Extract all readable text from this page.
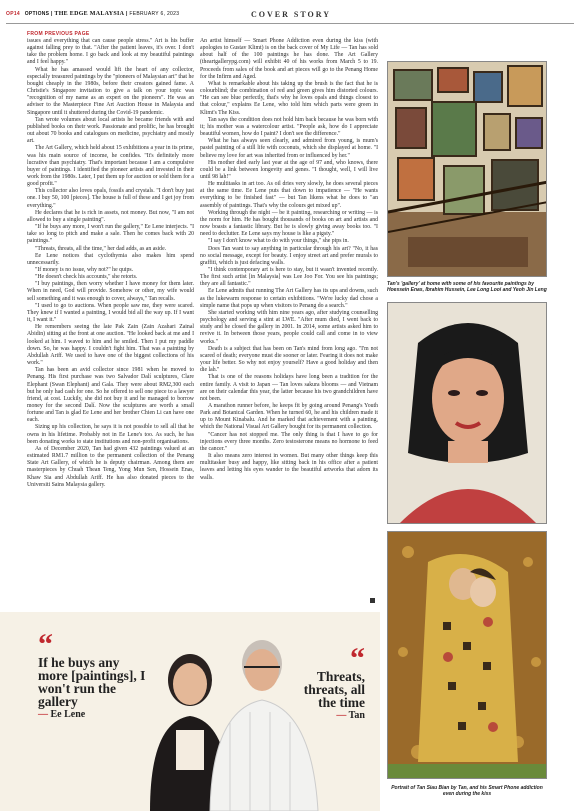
OP14 OPTIONS | THE EDGE MALAYSIA | FEBRUARY 6, 2023	COVER STORY
FROM PREVIOUS PAGE

issues and everything that can cause people stress." Art is his buffer against falling prey to that. "After the patient leaves, it's over. I don't take the problem home. I go back and look at my beautiful paintings and I feel happy."

What he has amassed would lift the heart of any collector, especially treasured paintings by the "pioneers of Malaysian art" that he bought cheaply in the 1980s, before their creators gained fame. A Christie's Singapore invitation to give a talk on your topic was "recognition of my name as an expert on the pioneers". He was an adviser to the Masterpiece Fine Art Auction House in Malaysia and Singapore until it shuttered during the Covid-19 pandemic.

Tan wrote volumes about local artists he became friends with and published books on their work. Passionate and prolific, he has brought out about 70 books and catalogues on medicine, psychiatry and mostly art.

The Art Gallery, which held about 15 exhibitions a year in its prime, was his main source of income, he confides. "It's definitely more lucrative than psychiatry. That's important because I am a compulsive buyer of paintings. I identified the pioneer artists and invested in their work from the 1980s. Later, I put them up for auction or sold them for a good profit."

This collector also loves opals, fossils and crystals. "I don't buy just one. I buy 50, 100 [pieces]. The house is full of these and I get joy from everything."

He declares that he is rich in assets, not money. But now, "I am not allowed to buy a single painting".

"If he buys any more, I won't run the gallery," Ee Lene interjects. "I take so long to pitch and make a sale. Then he comes back with 20 paintings."

"Threats, threats, all the time," her dad adds, as an aside.

Ee Lene notices that cyclothymia also makes him spend unnecessarily.

"If money is no issue, why not?" he quips.

"He doesn't check his accounts," she retorts.

"I buy paintings, then worry whether I have money for them later. When in need, God will provide. Somehow or other, my wife would sell something and it was enough to cover, always," Tan recalls.

"I used to go to auctions. When people saw me, they were scared. They knew if I wanted a painting, I would bid all the way up. If I want it, I want it."

He remembers seeing the late Pak Zain (Zain Azahari Zainal Abidin) sitting at the front at one auction. "He looked back at me and I looked at him. I waved to him and he smiled. Then I put my paddle down. So, he was happy. I couldn't fight him. That was a painting by Abdullah Ariff. We used to have one of the biggest collections of his work."

Tan has been an avid collector since 1981 when he moved to Penang. His first purchase was two Salvador Dalí sculptures, Clare Elephant (Swan Elephant) and Gala. They were about RM2,300 each but he only had cash for one. So he offered to sell one piece to a lawyer friend, at cost. Luckily, she did not buy it and he managed to borrow money for the second Dalí. Now the sculptures are worth a small fortune and Tan is glad Ee Lene and her brother Chien Li can have one each.

Sizing up his collection, he says it is not possible to sell all that he owns in his lifetime. Probably not in Ee Lene's too. As such, he has been donating works to state institutions and non-profit organisations.

As of December 2020, Tan had given 432 paintings valued at an estimated RM1.7 million to the permanent collection of the Penang State Art Gallery, of which he is deputy chairman. Among them are masterpieces by Chuah Thean Teng, Yong Mun Sen, Hossein Enas, Khaw Sia and Abdullah Ariff. He has also donated pieces to the Universiti Sains Malaysia gallery.

An artist himself — Smart Phone Addiction even during the kiss (with apologies to Gustav Klimt) is on the back cover of My Life — Tan has sold about half of the 100 paintings he has done. The Art Gallery (theartgallerypg.com) will exhibit 40 of his works from March 5 to 19. Proceeds from sales of the book and art pieces will go to the Penang Home for the Infirm and Aged.

What is remarkable about his taking up the brush is the fact that he is colourblind; the combination of red and green gives him distorted colours. "He can see blue perfectly, that's why he loves opals and things closest to that colour," explains Ee Lene, who told him which parts were green in Klimt's The Kiss.

Tan says the condition does not hold him back because he was born with it; his mother was a watercolour artist. "People ask, how do I appreciate beautiful women, how do I paint? I don't see the difference."

What he has always seen clearly, and admired from young, is mum's pastel painting of a still life with coconuts, which she displayed at home. "I believe my love for art was inherited from or influenced by her."

His mother died early last year at the age of 97 and, who knows, there could be a link between longevity and genes. "I thought, well, I will live until 98 lah!"

He multitasks in art too. As oil dries very slowly, he does several pieces at the same time. Ee Lene puts that down to impatience — "He wants everything to be finished fast" — but Tan likens what he does to "an assembly of paintings. That's why the colours get mixed up".

Working through the night — be it painting, researching or writing — is the norm for him. He has bought thousands of books on art and artists and now boasts a fantastic library. But he is slowly giving away books too. "I need to declutter. Ee Lene says my house is like a pigsty."

"I say I don't know what to do with your things," she pips in.

Does Tan want to say anything in particular through his art? "No, it has no social message, except for beauty. I enjoy street art and prefer murals to graffiti, which is just defacing walls.

"I think contemporary art is here to stay, but it wasn't invented recently. The first such artist [in Malaysia] was Lee Joo For. You see his paintings; they are all fantastic."

Ee Lene admits that running The Art Gallery has its ups and downs, such as the lukewarm response to certain exhibitions. "We're lucky dad chose a simple name that pops up when visitors to Penang do a search."

She started working with him nine years ago, after studying counselling psychology and serving a stint at LWE. "After mum died, I went back to study and he closed the gallery in 2001. In 2014, some artists asked him to revive it. In between those years, people could call and come in to view works."

Death is a subject that has been on Tan's mind from long ago. "I'm not scared of death; everyone must die sooner or later. Fearing it does not make your life better. So why not enjoy yourself? Have a good holiday and then die lah."

That is one of the reasons holidays have long been a tradition for the entire family. A visit to Japan — Tan loves sakura blooms — and Vietnam are on their calendar this year, the latter because his two grandchildren have not been.

A marathon runner before, he keeps fit by going around Penang's Youth Park and Botanical Garden. When he turned 60, he and his children made it up to Mount Kinabalu. And he marked that achievement with a painting, which the National Visual Art Gallery bought for its permanent collection.

"Cancer has not stopped me. The only thing is that I have to go for injections every three months. Zero testosterone means no hormone to feed the cancer."

It also means zero interest in women. But many other things keep this multitasker busy and happy, like sitting back in his office after a patient leaves and letting his eyes wander to the beautiful artworks that adorn its walls.

Tan's 'gallery' at home with some of his favourite paintings by Hoessein Enas, Ibrahim Hussein, Lee Long Looi and Yeoh Jin Leng
Portrait of Tan Siau Bian by Tan, and his Smart Phone addiction even during the kiss
“
If he buys any more [paintings], I won't run the gallery
— Ee Lene
“
Threats, threats, all the time
— Tan
